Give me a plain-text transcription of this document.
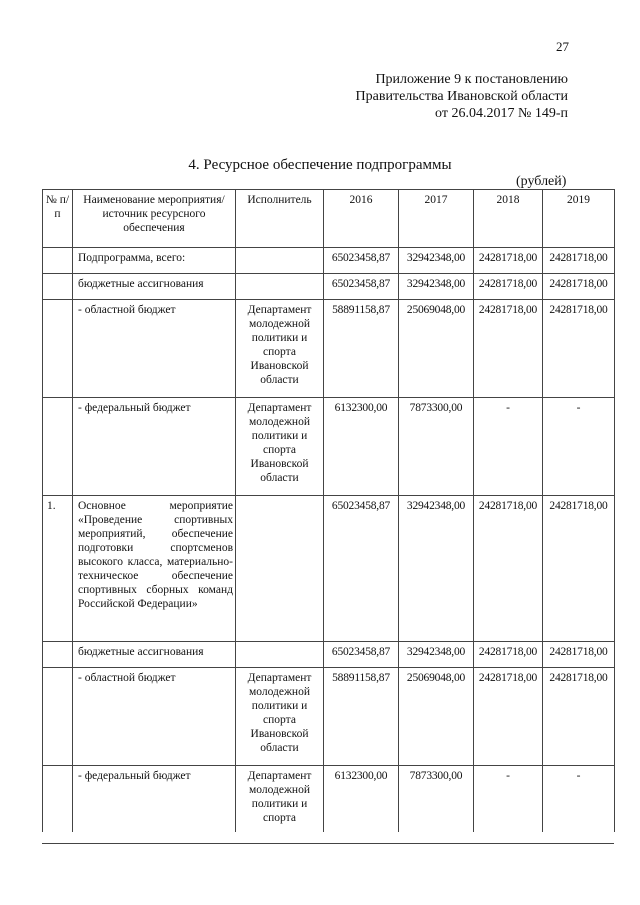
27
Приложение 9 к постановлению
Правительства Ивановской области
от 26.04.2017 № 149-п
4. Ресурсное обеспечение подпрограммы
(рублей)
№ п/п	Наименование мероприятия/источник ресурсного обеспечения	Исполнитель	2016	2017	2018	2019
	Подпрограмма, всего:		65023458,87	32942348,00	24281718,00	24281718,00
	бюджетные ассигнования		65023458,87	32942348,00	24281718,00	24281718,00
	- областной бюджет	Департамент молодежной политики и спорта Ивановской области	58891158,87	25069048,00	24281718,00	24281718,00
	- федеральный бюджет	Департамент молодежной политики и спорта Ивановской области	6132300,00	7873300,00	-	-
1.	Основное мероприятие «Проведение спортивных мероприятий, обеспечение подготовки спортсменов высокого класса, материально-техническое обеспечение спортивных сборных команд Российской Федерации»		65023458,87	32942348,00	24281718,00	24281718,00
	бюджетные ассигнования		65023458,87	32942348,00	24281718,00	24281718,00
	- областной бюджет	Департамент молодежной политики и спорта Ивановской области	58891158,87	25069048,00	24281718,00	24281718,00
	- федеральный бюджет	Департамент молодежной политики и спорта	6132300,00	7873300,00	-	-
